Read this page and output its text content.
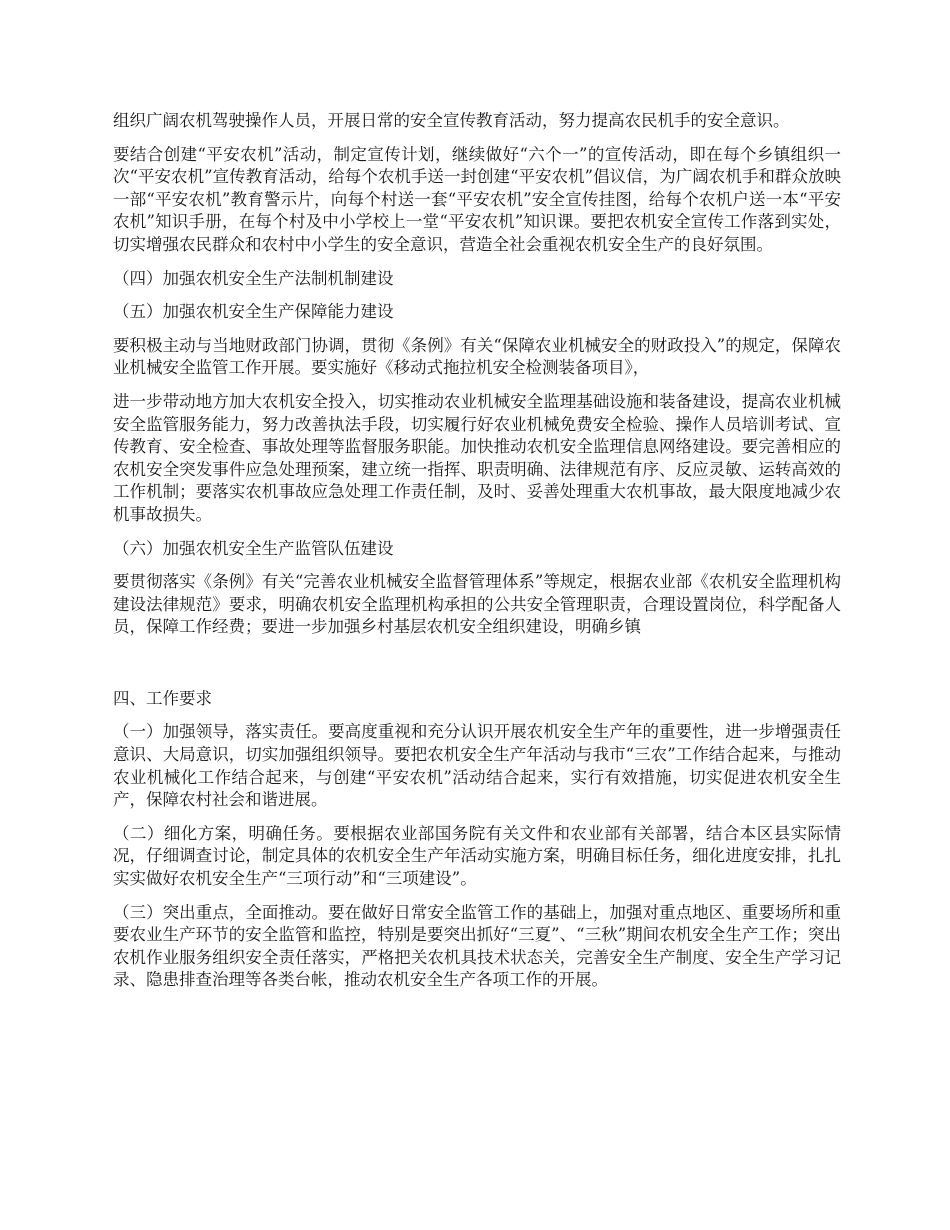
组织广阔农机驾驶操作人员，开展日常的安全宣传教育活动，努力提高农民机手的安全意识。

要结合创建“平安农机”活动，制定宣传计划，继续做好“六个一”的宣传活动，即在每个乡镇组织一次“平安农机”宣传教育活动，给每个农机手送一封创建“平安农机”倡议信，为广阔农机手和群众放映一部“平安农机”教育警示片，向每个村送一套“平安农机”安全宣传挂图，给每个农机户送一本“平安农机”知识手册，在每个村及中小学校上一堂“平安农机”知识课。要把农机安全宣传工作落到实处，切实增强农民群众和农村中小学生的安全意识，营造全社会重视农机安全生产的良好氛围。

（四）加强农机安全生产法制机制建设

（五）加强农机安全生产保障能力建设

要积极主动与当地财政部门协调，贯彻《条例》有关“保障农业机械安全的财政投入”的规定，保障农业机械安全监管工作开展。要实施好《移动式拖拉机安全检测装备项目》，

进一步带动地方加大农机安全投入，切实推动农业机械安全监理基础设施和装备建设，提高农业机械安全监管服务能力，努力改善执法手段，切实履行好农业机械免费安全检验、操作人员培训考试、宣传教育、安全检查、事故处理等监督服务职能。加快推动农机安全监理信息网络建设。要完善相应的农机安全突发事件应急处理预案，建立统一指挥、职责明确、法律规范有序、反应灵敏、运转高效的工作机制；要落实农机事故应急处理工作责任制，及时、妥善处理重大农机事故，最大限度地减少农机事故损失。

（六）加强农机安全生产监管队伍建设

要贯彻落实《条例》有关“完善农业机械安全监督管理体系”等规定，根据农业部《农机安全监理机构建设法律规范》要求，明确农机安全监理机构承担的公共安全管理职责，合理设置岗位，科学配备人员，保障工作经费；要进一步加强乡村基层农机安全组织建设，明确乡镇

四、工作要求

（一）加强领导，落实责任。要高度重视和充分认识开展农机安全生产年的重要性，进一步增强责任意识、大局意识，切实加强组织领导。要把农机安全生产年活动与我市“三农”工作结合起来，与推动农业机械化工作结合起来，与创建“平安农机”活动结合起来，实行有效措施，切实促进农机安全生产，保障农村社会和谐进展。

（二）细化方案，明确任务。要根据农业部国务院有关文件和农业部有关部署，结合本区县实际情况，仔细调查讨论，制定具体的农机安全生产年活动实施方案，明确目标任务，细化进度安排，扎扎实实做好农机安全生产“三项行动”和“三项建设”。

（三）突出重点，全面推动。要在做好日常安全监管工作的基础上，加强对重点地区、重要场所和重要农业生产环节的安全监管和监控，特别是要突出抓好“三夏”、“三秋”期间农机安全生产工作；突出农机作业服务组织安全责任落实，严格把关农机具技术状态关，完善安全生产制度、安全生产学习记录、隐患排查治理等各类台帐，推动农机安全生产各项工作的开展。
